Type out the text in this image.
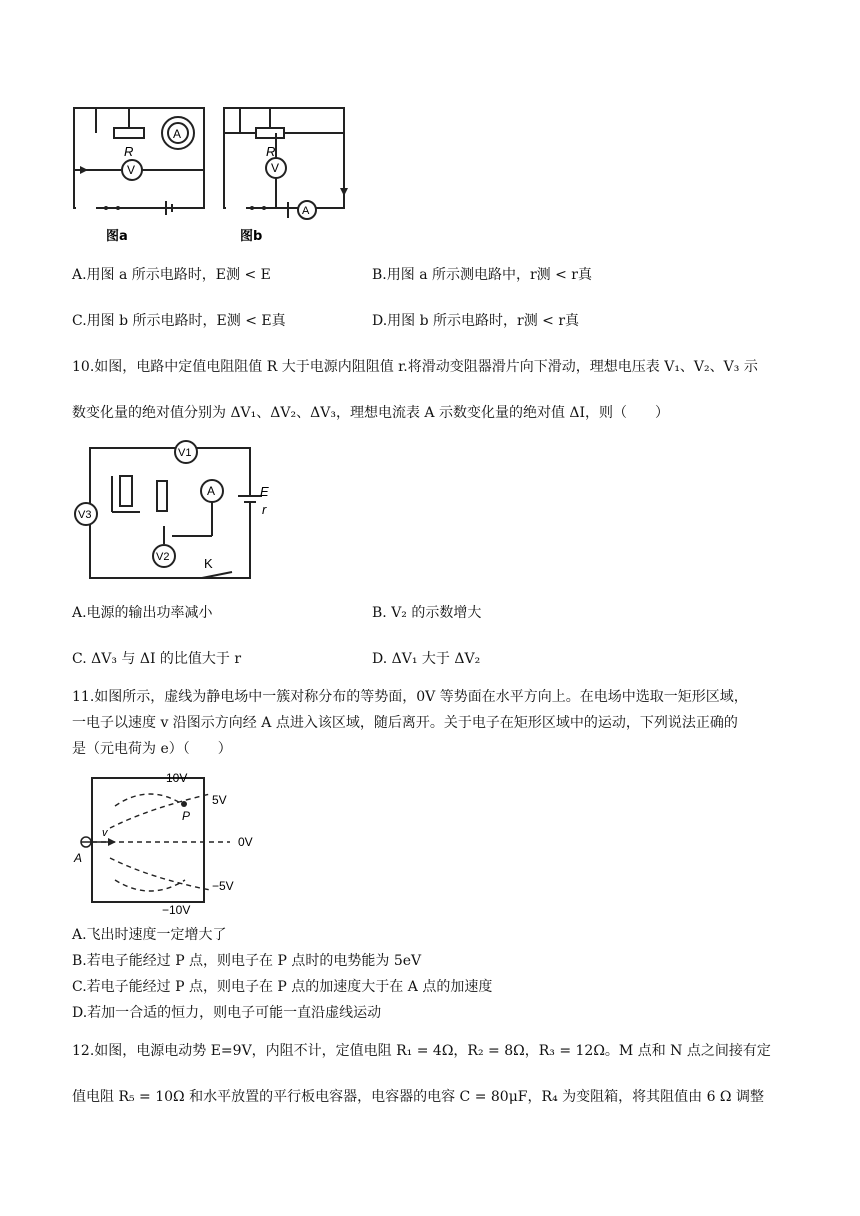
R	R
A
A
V	V
图a	图b
A.用图 a 所示电路时，E测 < E	B.用图 a 所示测电路中，r测 < r真
C.用图 b 所示电路时，E测 < E真	D.用图 b 所示电路时，r测 < r真
10.如图，电路中定值电阻阻值 R 大于电源内阻阻值 r.将滑动变阻器滑片向下滑动，理想电压表 V₁、V₂、V₃ 示
数变化量的绝对值分别为 ΔV₁、ΔV₂、ΔV₃，理想电流表 A 示数变化量的绝对值 ΔI，则（　　）
V1
V3
V2
A	E
r
K
A.电源的输出功率减小	B. V₂ 的示数增大
C. ΔV₃ 与 ΔI 的比值大于 r	D. ΔV₁ 大于 ΔV₂
11.如图所示，虚线为静电场中一簇对称分布的等势面，0V 等势面在水平方向上。在电场中选取一矩形区域，
一电子以速度 v 沿图示方向经 A 点进入该区域，随后离开。关于电子在矩形区域中的运动，下列说法正确的
是（元电荷为 e）（　　）
10V
5V
0V
−5V
−10V
P
A
v
A.飞出时速度一定增大了
B.若电子能经过 P 点，则电子在 P 点时的电势能为 5eV
C.若电子能经过 P 点，则电子在 P 点的加速度大于在 A 点的加速度
D.若加一合适的恒力，则电子可能一直沿虚线运动
12.如图，电源电动势 E=9V，内阻不计，定值电阻 R₁ = 4Ω，R₂ = 8Ω，R₃ = 12Ω。M 点和 N 点之间接有定
值电阻 R₅ = 10Ω 和水平放置的平行板电容器，电容器的电容 C = 80μF，R₄ 为变阻箱，将其阻值由 6 Ω 调整
